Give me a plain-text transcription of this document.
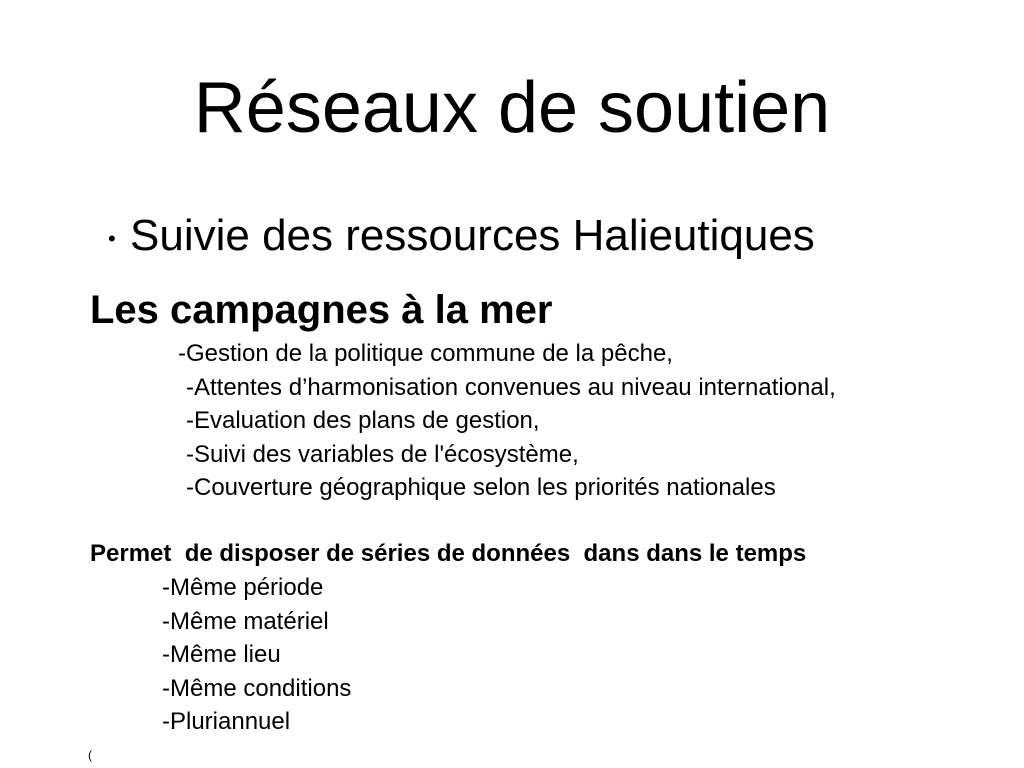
Réseaux de soutien
• Suivie des ressources Halieutiques
Les campagnes à la mer
-Gestion de la politique commune de la pêche,
-Attentes d’harmonisation convenues au niveau international,
-Evaluation des plans de gestion,
-Suivi des variables de l'écosystème,
-Couverture géographique selon les priorités nationales

Permet  de disposer de séries de données  dans dans le temps

-Même période
-Même matériel
-Même lieu
-Même conditions
-Pluriannuel
(
